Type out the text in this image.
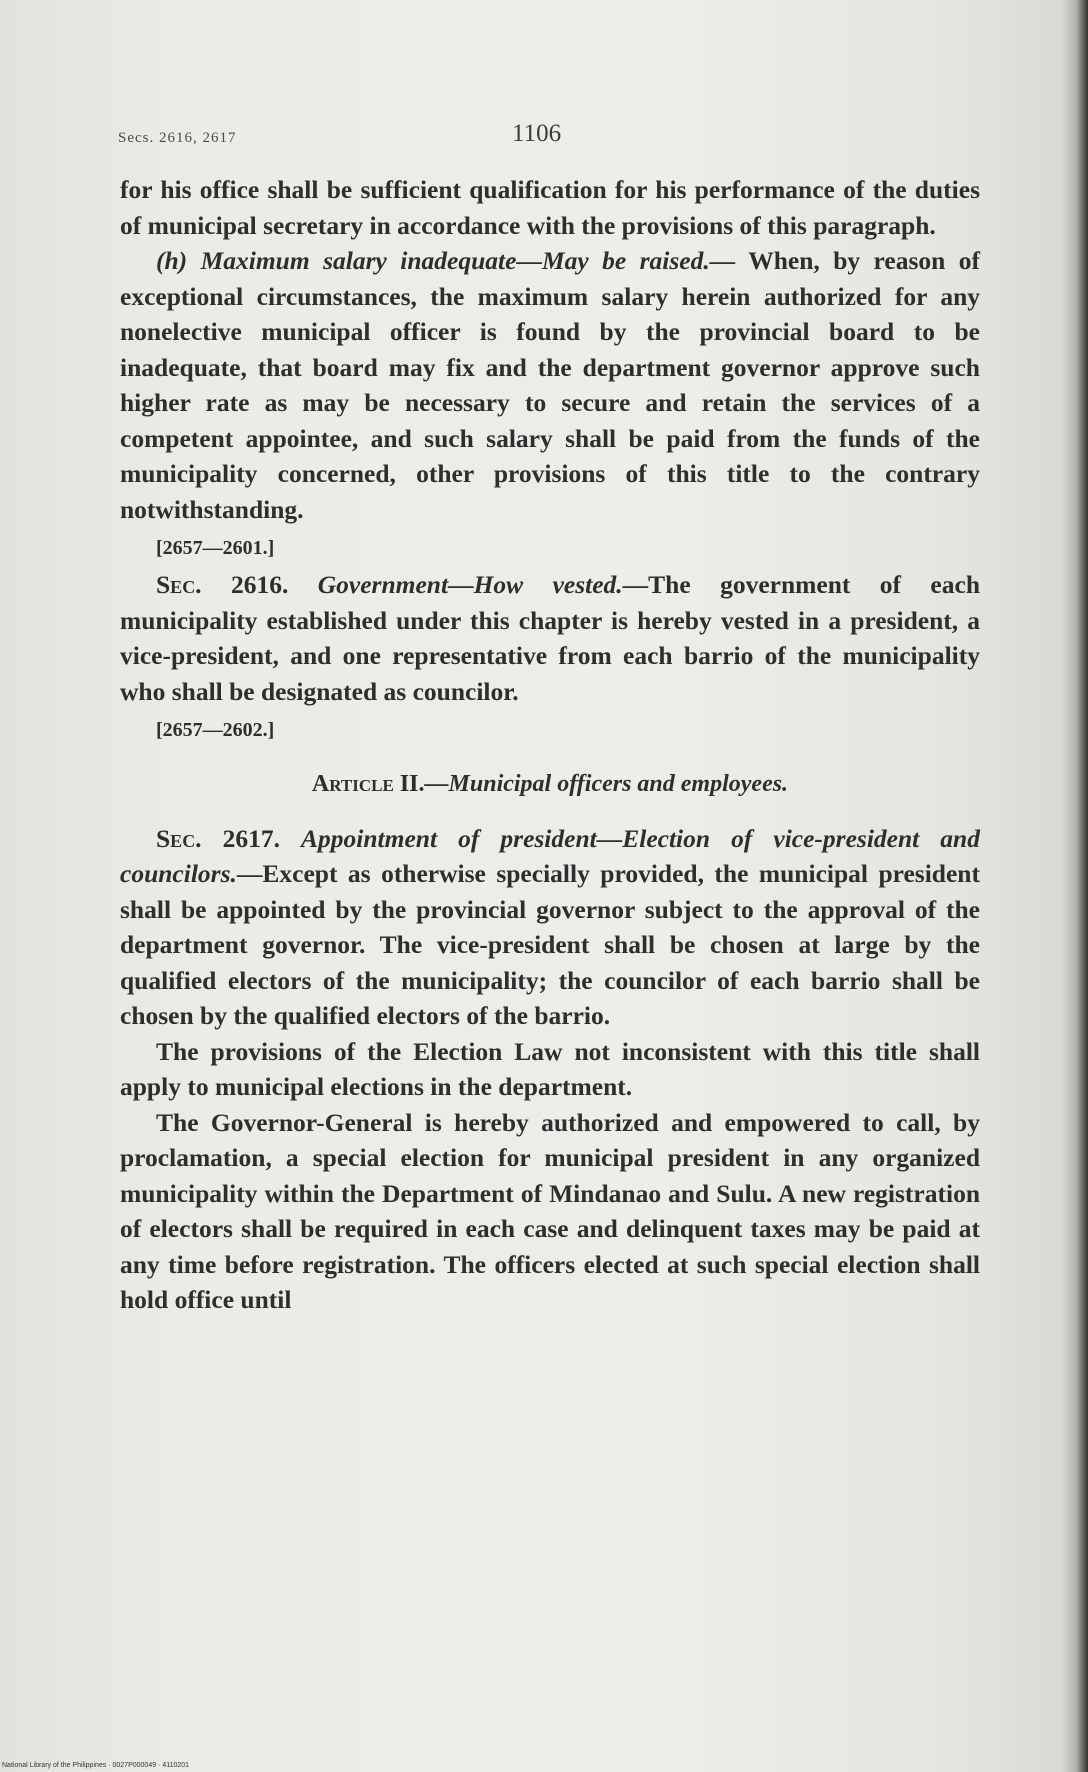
Secs. 2616, 2617	1106

for his office shall be sufficient qualification for his performance of the duties of municipal secretary in accordance with the provisions of this paragraph.

(h) Maximum salary inadequate—May be raised.— When, by reason of exceptional circumstances, the maximum salary herein authorized for any nonelective municipal officer is found by the provincial board to be inadequate, that board may fix and the department governor approve such higher rate as may be necessary to secure and retain the services of a competent appointee, and such salary shall be paid from the funds of the municipality concerned, other provisions of this title to the contrary notwithstanding.

[2657—2601.]

Sec. 2616. Government—How vested.—The government of each municipality established under this chapter is hereby vested in a president, a vice-president, and one representative from each barrio of the municipality who shall be designated as councilor.

[2657—2602.]

Article II.—Municipal officers and employees.

Sec. 2617. Appointment of president—Election of vice-president and councilors.—Except as otherwise specially provided, the municipal president shall be appointed by the provincial governor subject to the approval of the department governor. The vice-president shall be chosen at large by the qualified electors of the municipality; the councilor of each barrio shall be chosen by the qualified electors of the barrio.

The provisions of the Election Law not inconsistent with this title shall apply to municipal elections in the department.

The Governor-General is hereby authorized and empowered to call, by proclamation, a special election for municipal president in any organized municipality within the Department of Mindanao and Sulu. A new registration of electors shall be required in each case and delinquent taxes may be paid at any time before registration. The officers elected at such special election shall hold office until

National Library of the Philippines · 0027P000049 · 4110201
